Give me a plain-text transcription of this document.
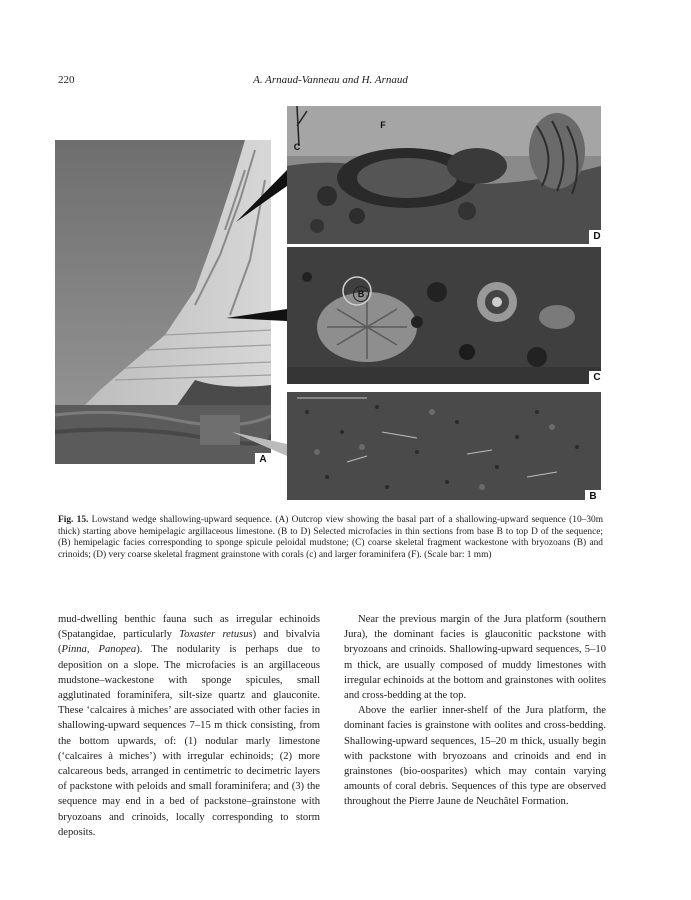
220	A. Arnaud-Vanneau and H. Arnaud
A
D
C
F
C
B
B
Fig. 15. Lowstand wedge shallowing-upward sequence. (A) Outcrop view showing the basal part of a shallowing-upward sequence (10–30m thick) starting above hemipelagic argillaceous limestone. (B to D) Selected microfacies in thin sections from base B to top D of the sequence; (B) hemipelagic facies corresponding to sponge spicule peloidal mudstone; (C) coarse skeletal fragment wackestone with bryozoans (B) and crinoids; (D) very coarse skeletal fragment grainstone with corals (c) and larger foraminifera (F). (Scale bar: 1 mm)

mud-dwelling benthic fauna such as irregular echinoids (Spatangidae, particularly Toxaster retusus) and bivalvia (Pinna, Panopea). The nodularity is perhaps due to deposition on a slope. The microfacies is an argillaceous mudstone–wackestone with sponge spicules, small agglutinated foraminifera, silt-size quartz and glauconite. These ‘calcaires à miches’ are associated with other facies in shallowing-upward sequences 7–15 m thick consisting, from the bottom upwards, of: (1) nodular marly limestone (‘calcaires à miches’) with irregular echinoids; (2) more calcareous beds, arranged in centimetric to decimetric layers of packstone with peloids and small foraminifera; and (3) the sequence may end in a bed of packstone–grainstone with bryozoans and crinoids, locally corresponding to storm deposits.

Near the previous margin of the Jura platform (southern Jura), the dominant facies is glauconitic packstone with bryozoans and crinoids. Shallowing-upward sequences, 5–10 m thick, are usually composed of muddy limestones with irregular echinoids at the bottom and grainstones with oolites and cross-bedding at the top.

Above the earlier inner-shelf of the Jura platform, the dominant facies is grainstone with oolites and cross-bedding. Shallowing-upward sequences, 15–20 m thick, usually begin with packstone with bryozoans and crinoids and end in grainstones (bio-oosparites) which may contain varying amounts of coral debris. Sequences of this type are observed throughout the Pierre Jaune de Neuchâtel Formation.
